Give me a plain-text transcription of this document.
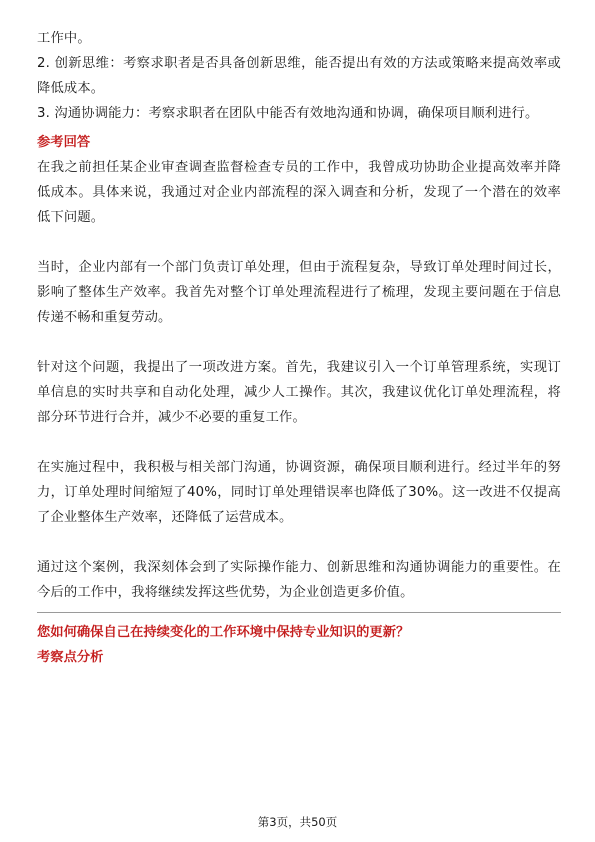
工作中。

2. 创新思维：考察求职者是否具备创新思维，能否提出有效的方法或策略来提高效率或降低成本。

3. 沟通协调能力：考察求职者在团队中能否有效地沟通和协调，确保项目顺利进行。

参考回答

在我之前担任某企业审查调查监督检查专员的工作中，我曾成功协助企业提高效率并降低成本。具体来说，我通过对企业内部流程的深入调查和分析，发现了一个潜在的效率低下问题。

当时，企业内部有一个部门负责订单处理，但由于流程复杂，导致订单处理时间过长，影响了整体生产效率。我首先对整个订单处理流程进行了梳理，发现主要问题在于信息传递不畅和重复劳动。

针对这个问题，我提出了一项改进方案。首先，我建议引入一个订单管理系统，实现订单信息的实时共享和自动化处理，减少人工操作。其次，我建议优化订单处理流程，将部分环节进行合并，减少不必要的重复工作。

在实施过程中，我积极与相关部门沟通，协调资源，确保项目顺利进行。经过半年的努力，订单处理时间缩短了40%，同时订单处理错误率也降低了30%。这一改进不仅提高了企业整体生产效率，还降低了运营成本。

通过这个案例，我深刻体会到了实际操作能力、创新思维和沟通协调能力的重要性。在今后的工作中，我将继续发挥这些优势，为企业创造更多价值。

您如何确保自己在持续变化的工作环境中保持专业知识的更新？

考察点分析

第3页，共50页
